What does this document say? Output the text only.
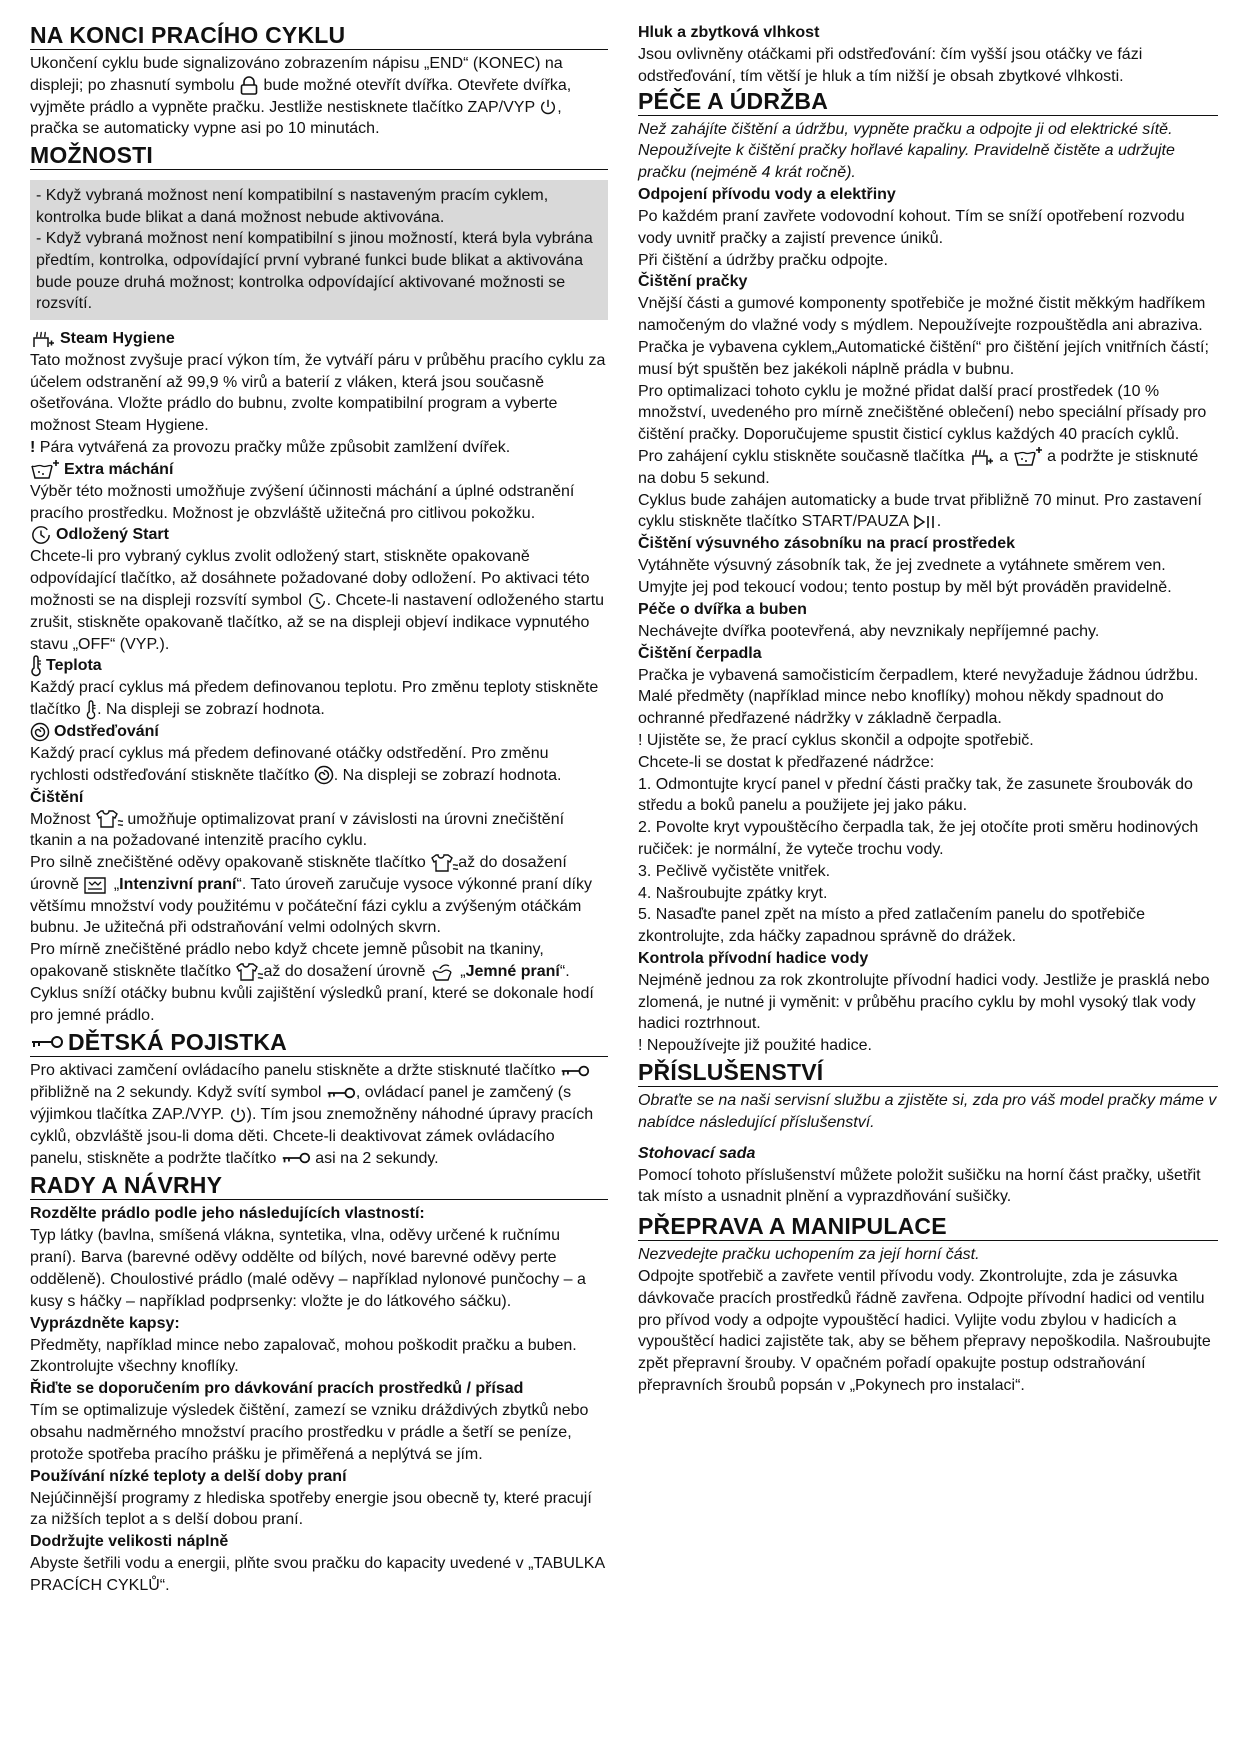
NA KONCI PRACÍHO CYKLU

Ukončení cyklu bude signalizováno zobrazením nápisu „END“ (KONEC) na displeji; po zhasnutí symbolu bude možné otevřít dvířka. Otevřete dvířka, vyjměte prádlo a vypněte pračku. Jestliže nestisknete tlačítko ZAP/VYP , pračka se automaticky vypne asi po 10 minutách.

MOŽNOSTI
- Když vybraná možnost není kompatibilní s nastaveným pracím cyklem, kontrolka bude blikat a daná možnost nebude aktivována.
- Když vybraná možnost není kompatibilní s jinou možností, která byla vybrána předtím, kontrolka, odpovídající první vybrané funkci bude blikat a aktivována bude pouze druhá možnost; kontrolka odpovídající aktivované možnosti se rozsvítí.
Steam Hygiene

Tato možnost zvyšuje prací výkon tím, že vytváří páru v průběhu pracího cyklu za účelem odstranění až 99,9 % virů a baterií z vláken, která jsou současně ošetřována. Vložte prádlo do bubnu, zvolte kompatibilní program a vyberte možnost Steam Hygiene.

! Pára vytvářená za provozu pračky může způsobit zamlžení dvířek.

Extra máchání

Výběr této možnosti umožňuje zvýšení účinnosti máchání a úplné odstranění pracího prostředku. Možnost je obzvláště užitečná pro citlivou pokožku.

Odložený Start

Chcete-li pro vybraný cyklus zvolit odložený start, stiskněte opakovaně odpovídající tlačítko, až dosáhnete požadované doby odložení. Po aktivaci této možnosti se na displeji rozsvítí symbol . Chcete-li nastavení odloženého startu zrušit, stiskněte opakovaně tlačítko, až se na displeji objeví indikace vypnutého stavu „OFF“ (VYP.).

Teplota

Každý prací cyklus má předem definovanou teplotu. Pro změnu teploty stiskněte tlačítko . Na displeji se zobrazí hodnota.

Odstřeďování

Každý prací cyklus má předem definované otáčky odstředění. Pro změnu rychlosti odstřeďování stiskněte tlačítko . Na displeji se zobrazí hodnota.

Čištění

Možnost umožňuje optimalizovat praní v závislosti na úrovni znečištění tkanin a na požadované intenzitě pracího cyklu.

Pro silně znečištěné oděvy opakovaně stiskněte tlačítko až do dosažení úrovně „Intenzivní praní“. Tato úroveň zaručuje vysoce výkonné praní díky většímu množství vody použitému v počáteční fázi cyklu a zvýšeným otáčkám bubnu. Je užitečná při odstraňování velmi odolných skvrn.

Pro mírně znečištěné prádlo nebo když chcete jemně působit na tkaniny, opakovaně stiskněte tlačítko až do dosažení úrovně „Jemné praní“. Cyklus sníží otáčky bubnu kvůli zajištění výsledků praní, které se dokonale hodí pro jemné prádlo.

DĚTSKÁ POJISTKA

Pro aktivaci zamčení ovládacího panelu stiskněte a držte stisknuté tlačítko  přibližně na 2 sekundy. Když svítí symbol , ovládací panel je zamčený (s výjimkou tlačítka ZAP./VYP. ). Tím jsou znemožněny náhodné úpravy pracích cyklů, obzvláště jsou-li doma děti. Chcete-li deaktivovat zámek ovládacího panelu, stiskněte a podržte tlačítko asi na 2 sekundy.

RADY A NÁVRHY
Rozdělte prádlo podle jeho následujících vlastností:

Typ látky (bavlna, smíšená vlákna, syntetika, vlna, oděvy určené k ručnímu praní). Barva (barevné oděvy oddělte od bílých, nové barevné oděvy perte odděleně). Choulostivé prádlo (malé oděvy – například nylonové punčochy – a kusy s háčky – například podprsenky: vložte je do látkového sáčku).

Vyprázdněte kapsy:

Předměty, například mince nebo zapalovač, mohou poškodit pračku a buben. Zkontrolujte všechny knoflíky.

Řiďte se doporučením pro dávkování pracích prostředků / přísad

Tím se optimalizuje výsledek čištění, zamezí se vzniku dráždivých zbytků nebo obsahu nadměrného množství pracího prostředku v prádle a šetří se peníze, protože spotřeba pracího prášku je přiměřená a neplýtvá se jím.

Používání nízké teploty a delší doby praní

Nejúčinnější programy z hlediska spotřeby energie jsou obecně ty, které pracují za nižších teplot a s delší dobou praní.

Dodržujte velikosti náplně

Abyste šetřili vodu a energii, plňte svou pračku do kapacity uvedené v „TABULKA PRACÍCH CYKLŮ“.

Hluk a zbytková vlhkost

Jsou ovlivněny otáčkami při odstřeďování: čím vyšší jsou otáčky ve fázi odstřeďování, tím větší je hluk a tím nižší je obsah zbytkové vlhkosti.

PÉČE A ÚDRŽBA

Než zahájíte čištění a údržbu, vypněte pračku a odpojte ji od elektrické sítě. Nepoužívejte k čištění pračky hořlavé kapaliny. Pravidelně čistěte a udržujte pračku (nejméně 4 krát ročně).

Odpojení přívodu vody a elektřiny

Po každém praní zavřete vodovodní kohout. Tím se sníží opotřebení rozvodu vody uvnitř pračky a zajistí prevence úniků.

Při čištění a údržby pračku odpojte.

Čištění pračky

Vnější části a gumové komponenty spotřebiče je možné čistit měkkým hadříkem namočeným do vlažné vody s mýdlem. Nepoužívejte rozpouštědla ani abraziva.

Pračka je vybavena cyklem„Automatické čištění“ pro čištění jejích vnitřních částí; musí být spuštěn bez jakékoli náplně prádla v bubnu.

Pro optimalizaci tohoto cyklu je možné přidat další prací prostředek (10 % množství, uvedeného pro mírně znečištěné oblečení) nebo speciální přísady pro čištění pračky. Doporučujeme spustit čisticí cyklus každých 40 pracích cyklů.

Pro zahájení cyklu stiskněte současně tlačítka a a podržte je stisknuté na dobu 5 sekund.

Cyklus bude zahájen automaticky a bude trvat přibližně 70 minut. Pro zastavení cyklu stiskněte tlačítko START/PAUZA .

Čištění výsuvného zásobníku na prací prostředek

Vytáhněte výsuvný zásobník tak, že jej zvednete a vytáhnete směrem ven. Umyjte jej pod tekoucí vodou; tento postup by měl být prováděn pravidelně.

Péče o dvířka a buben

Nechávejte dvířka pootevřená, aby nevznikaly nepříjemné pachy.

Čištění čerpadla

Pračka je vybavená samočisticím čerpadlem, které nevyžaduje žádnou údržbu. Malé předměty (například mince nebo knoflíky) mohou někdy spadnout do ochranné předřazené nádržky v základně čerpadla.

! Ujistěte se, že prací cyklus skončil a odpojte spotřebič.

Chcete-li se dostat k předřazené nádržce:

1. Odmontujte krycí panel v přední části pračky tak, že zasunete šroubovák do středu a boků panelu a použijete jej jako páku.

2. Povolte kryt vypouštěcího čerpadla tak, že jej otočíte proti směru hodinových ručiček: je normální, že vyteče trochu vody.

3. Pečlivě vyčistěte vnitřek.

4. Našroubujte zpátky kryt.

5. Nasaďte panel zpět na místo a před zatlačením panelu do spotřebiče zkontrolujte, zda háčky zapadnou správně do drážek.

Kontrola přívodní hadice vody

Nejméně jednou za rok zkontrolujte přívodní hadici vody. Jestliže je prasklá nebo zlomená, je nutné ji vyměnit: v průběhu pracího cyklu by mohl vysoký tlak vody hadici roztrhnout.

! Nepoužívejte již použité hadice.

PŘÍSLUŠENSTVÍ

Obraťte se na naši servisní službu a zjistěte si, zda pro váš model pračky máme v nabídce následující příslušenství.

Stohovací sada

Pomocí tohoto příslušenství můžete položit sušičku na horní část pračky, ušetřit tak místo a usnadnit plnění a vyprazdňování sušičky.

PŘEPRAVA A MANIPULACE

Nezvedejte pračku uchopením za její horní část.

Odpojte spotřebič a zavřete ventil přívodu vody. Zkontrolujte, zda je zásuvka dávkovače pracích prostředků řádně zavřena. Odpojte přívodní hadici od ventilu pro přívod vody a odpojte vypouštěcí hadici. Vylijte vodu zbylou v hadicích a vypouštěcí hadici zajistěte tak, aby se během přepravy nepoškodila. Našroubujte zpět přepravní šrouby. V opačném pořadí opakujte postup odstraňování přepravních šroubů popsán v „Pokynech pro instalaci“.
